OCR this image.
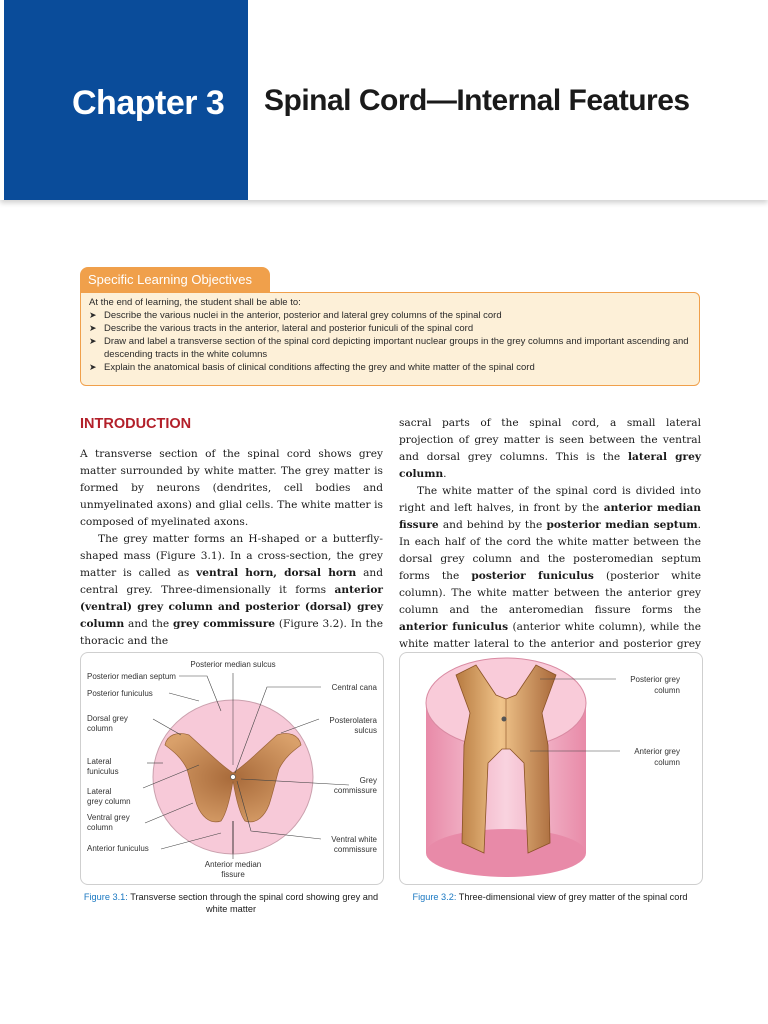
Chapter 3 Spinal Cord—Internal Features
Specific Learning Objectives
At the end of learning, the student shall be able to:
➤ Describe the various nuclei in the anterior, posterior and lateral grey columns of the spinal cord
➤ Describe the various tracts in the anterior, lateral and posterior funiculi of the spinal cord
➤ Draw and label a transverse section of the spinal cord depicting important nuclear groups in the grey columns and important ascending and descending tracts in the white columns
➤ Explain the anatomical basis of clinical conditions affecting the grey and white matter of the spinal cord
INTRODUCTION

A transverse section of the spinal cord shows grey matter surrounded by white matter. The grey matter is formed by neurons (dendrites, cell bodies and unmyelinated axons) and glial cells. The white matter is composed of myelinated axons.

The grey matter forms an H-shaped or a butterfly-shaped mass (Figure 3.1). In a cross-section, the grey matter is called as ventral horn, dorsal horn and central grey. Three-dimensionally it forms anterior (ventral) grey column and posterior (dorsal) grey column and the grey commissure (Figure 3.2). In the thoracic and the

sacral parts of the spinal cord, a small lateral projection of grey matter is seen between the ventral and dorsal grey columns. This is the lateral grey column.

The white matter of the spinal cord is divided into right and left halves, in front by the anterior median fissure and behind by the posterior median septum. In each half of the cord the white matter between the dorsal grey column and the posteromedian septum forms the posterior funiculus (posterior white column). The white matter between the anterior grey column and the anteromedian fissure forms the anterior funiculus (anterior white column), while the white matter lateral to the anterior and posterior grey

Posterior median sulcus
Posterior median septum
Posterior funiculus
Dorsal grey
column
Lateral
funiculus
Lateral
grey column
Ventral grey
column
Anterior funiculus
Anterior median
fissure
Central cana
Posterolatera
sulcus
Grey
commissure
Ventral white
commissure
Figure 3.1: Transverse section through the spinal cord showing grey and white matter
Posterior grey
column
Anterior grey
column
Figure 3.2: Three-dimensional view of grey matter of the spinal cord
